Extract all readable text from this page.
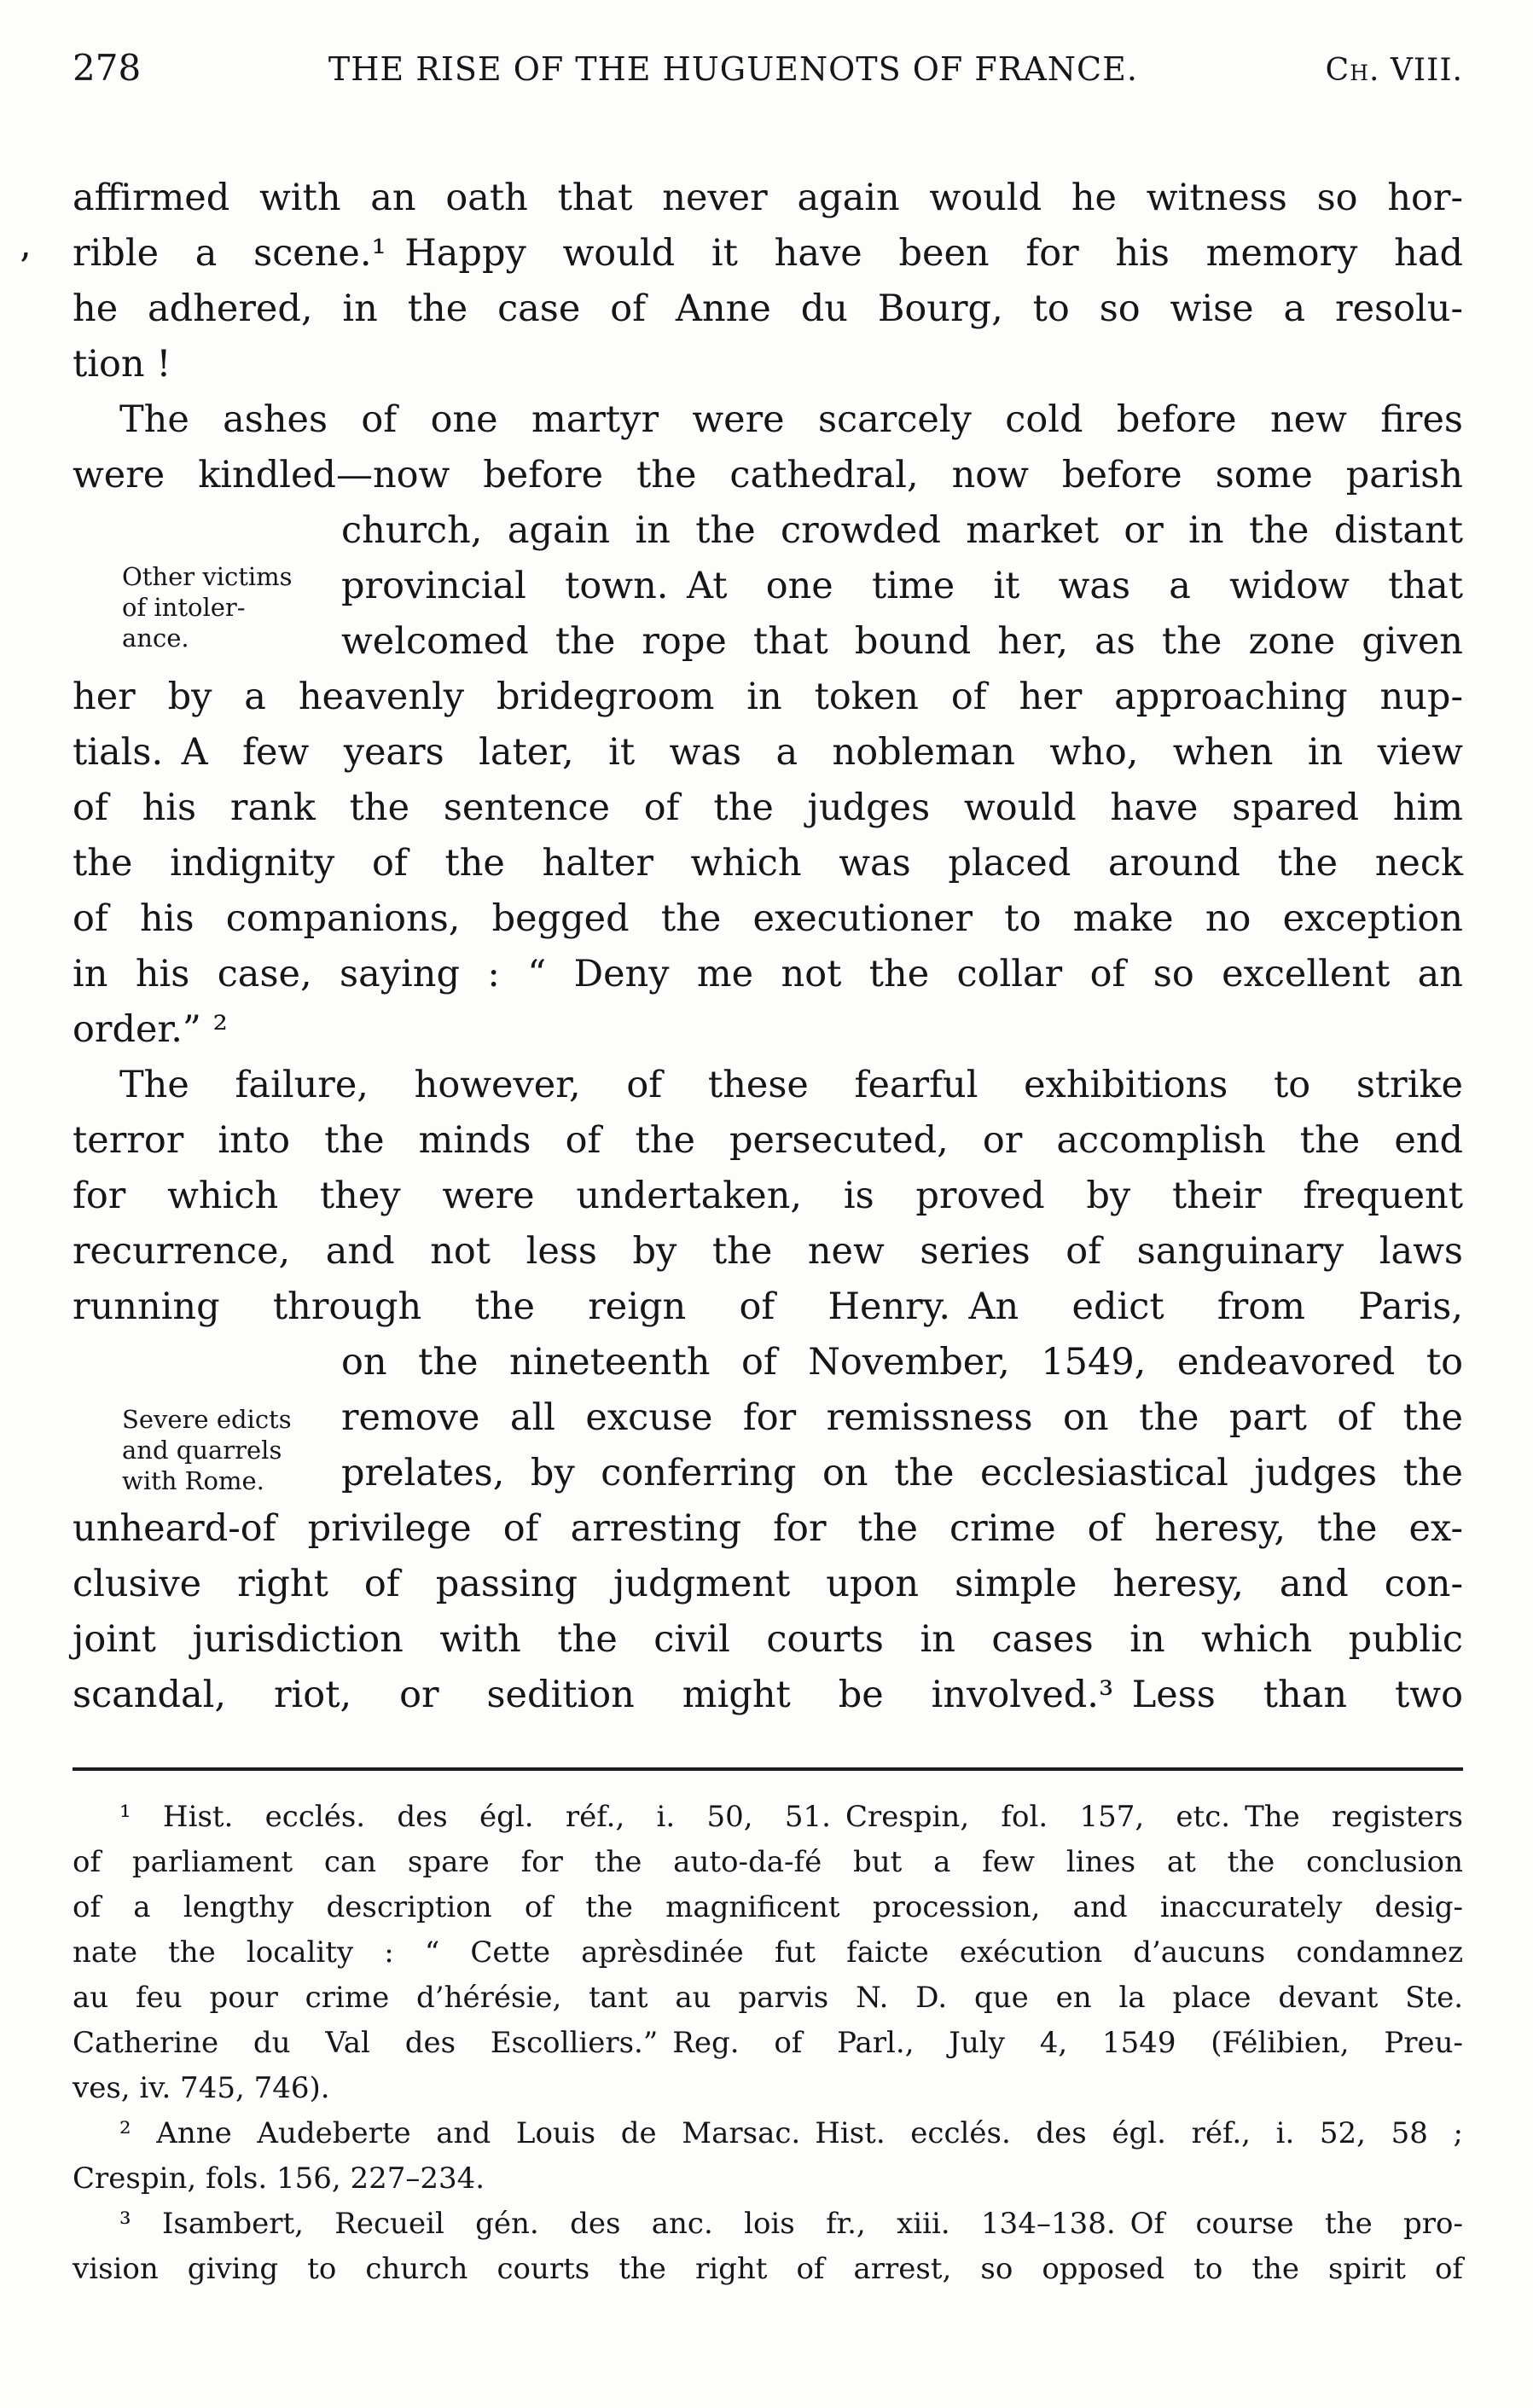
278	THE RISE OF THE HUGUENOTS OF FRANCE.	Ch. VIII.
’
affirmed with an oath that never again would he witness so hor-
rible a scene.¹ Happy would it have been for his memory had
he adhered, in the case of Anne du Bourg, to so wise a resolu-
tion !
The ashes of one martyr were scarcely cold before new fires
were kindled—now before the cathedral, now before some parish
church, again in the crowded market or in the distant
provincial town. At one time it was a widow that
welcomed the rope that bound her, as the zone given
her by a heavenly bridegroom in token of her approaching nup-
tials. A few years later, it was a nobleman who, when in view
of his rank the sentence of the judges would have spared him
the indignity of the halter which was placed around the neck
of his companions, begged the executioner to make no exception
in his case, saying : “ Deny me not the collar of so excellent an
order.” ²
The failure, however, of these fearful exhibitions to strike
terror into the minds of the persecuted, or accomplish the end
for which they were undertaken, is proved by their frequent
recurrence, and not less by the new series of sanguinary laws
running through the reign of Henry. An edict from Paris,
on the nineteenth of November, 1549, endeavored to
remove all excuse for remissness on the part of the
prelates, by conferring on the ecclesiastical judges the
unheard-of privilege of arresting for the crime of heresy, the ex-
clusive right of passing judgment upon simple heresy, and con-
joint jurisdiction with the civil courts in cases in which public
scandal, riot, or sedition might be involved.³ Less than two
¹ Hist. ecclés. des égl. réf., i. 50, 51. Crespin, fol. 157, etc. The registers
of parliament can spare for the auto-da-fé but a few lines at the conclusion
of a lengthy description of the magnificent procession, and inaccurately desig-
nate the locality : “ Cette aprèsdinée fut faicte exécution d’aucuns condamnez
au feu pour crime d’hérésie, tant au parvis N. D. que en la place devant Ste.
Catherine du Val des Escolliers.” Reg. of Parl., July 4, 1549 (Félibien, Preu-
ves, iv. 745, 746).
² Anne Audeberte and Louis de Marsac. Hist. ecclés. des égl. réf., i. 52, 58 ;
Crespin, fols. 156, 227–234.
³ Isambert, Recueil gén. des anc. lois fr., xiii. 134–138. Of course the pro-
vision giving to church courts the right of arrest, so opposed to the spirit of
Other victims
of intoler-
ance.
Severe edicts
and quarrels
with Rome.
